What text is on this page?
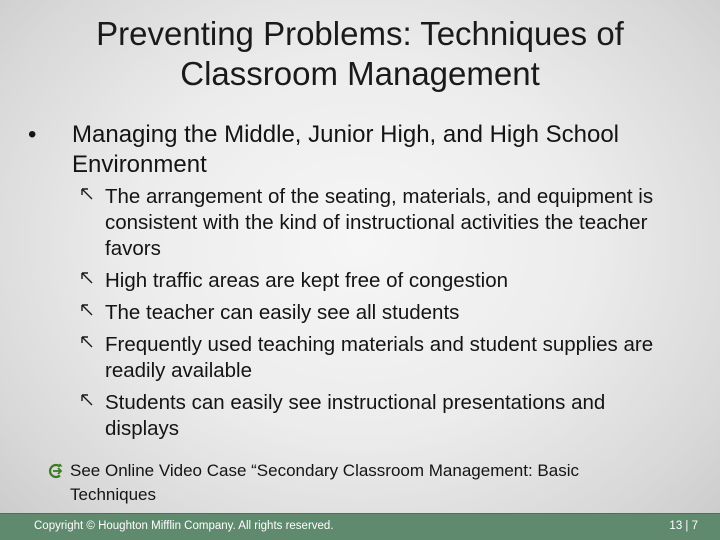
Preventing Problems: Techniques of Classroom Management
•	Managing the Middle, Junior High, and High School Environment
The arrangement of the seating, materials, and equipment is consistent with the kind of instructional activities the teacher favors
High traffic areas are kept free of congestion
The teacher can easily see all students
Frequently used teaching materials and student supplies are readily available
Students can easily see instructional presentations and displays
See Online Video Case “Secondary Classroom Management: Basic Techniques
Copyright © Houghton Mifflin Company. All rights reserved.	13 | 7
